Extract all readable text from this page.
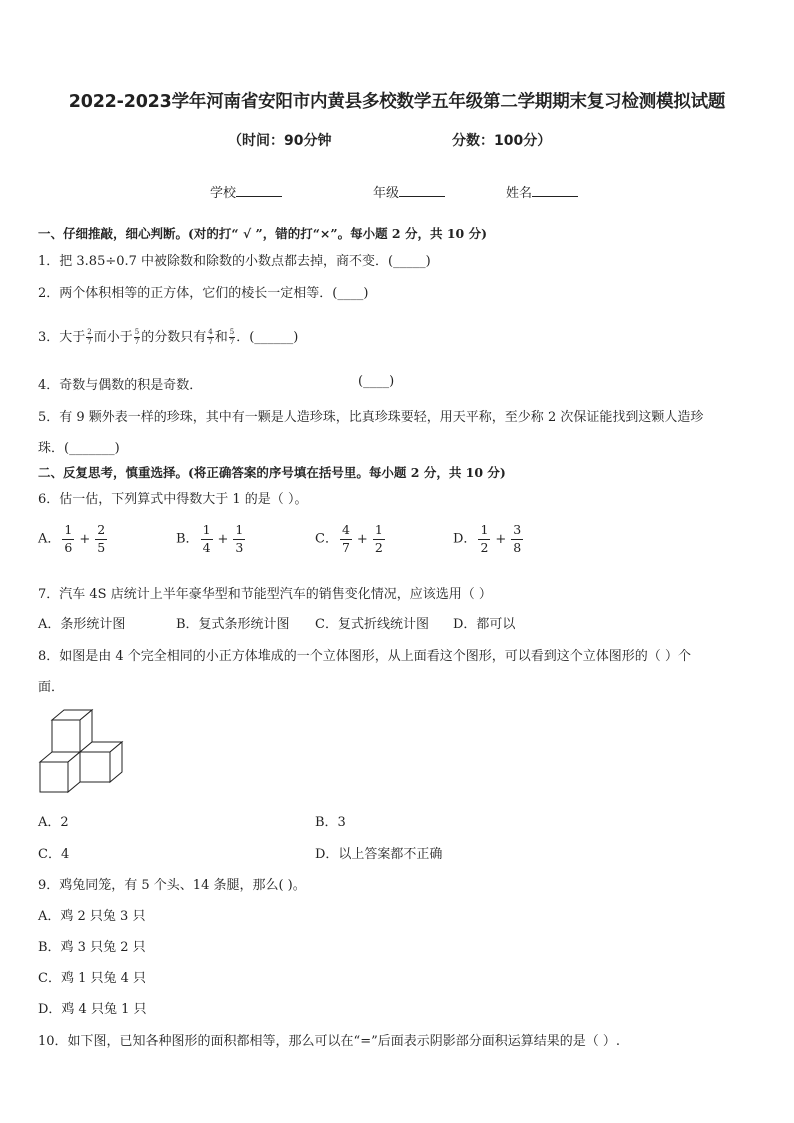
2022-2023学年河南省安阳市内黄县多校数学五年级第二学期期末复习检测模拟试题
（时间：90分钟	分数：100分）
学校	年级	姓名
一、仔细推敲，细心判断。(对的打“ √ ”，错的打“×”。每小题 2 分，共 10 分)
1．把 3.85÷0.7 中被除数和除数的小数点都去掉，商不变．(_____)
2．两个体积相等的正方体，它们的棱长一定相等．(____)
3．大于 $\frac{2}{7}$ 而小于 $\frac{5}{7}$ 的分数只有 $\frac{4}{7}$ 和 $\frac{5}{7}$ ．(______)
4．奇数与偶数的积是奇数．	(____)
5．有 9 颗外表一样的珍珠，其中有一颗是人造珍珠，比真珍珠要轻，用天平称，至少称 2 次保证能找到这颗人造珍
珠．(_______)
二、反复思考，慎重选择。(将正确答案的序号填在括号里。每小题 2 分，共 10 分)
6．估一估，下列算式中得数大于 1 的是（ ）。
A． $\frac{1}{6} + \frac{2}{5}$	B． $\frac{1}{4} + \frac{1}{3}$	C． $\frac{4}{7} + \frac{1}{2}$	D． $\frac{1}{2} + \frac{3}{8}$
7．汽车 4S 店统计上半年豪华型和节能型汽车的销售变化情况，应该选用（ ）
A．条形统计图	B．复式条形统计图 C．复式折线统计图 D．都可以
8．如图是由 4 个完全相同的小正方体堆成的一个立体图形，从上面看这个图形，可以看到这个立体图形的（ ）个
面．
A．2	B．3
C．4	D．以上答案都不正确
9．鸡兔同笼，有 5 个头、14 条腿，那么( )。
A．鸡 2 只兔 3 只
B．鸡 3 只兔 2 只
C．鸡 1 只兔 4 只
D．鸡 4 只兔 1 只
10．如下图，已知各种图形的面积都相等，那么可以在“=”后面表示阴影部分面积运算结果的是（ ）.
